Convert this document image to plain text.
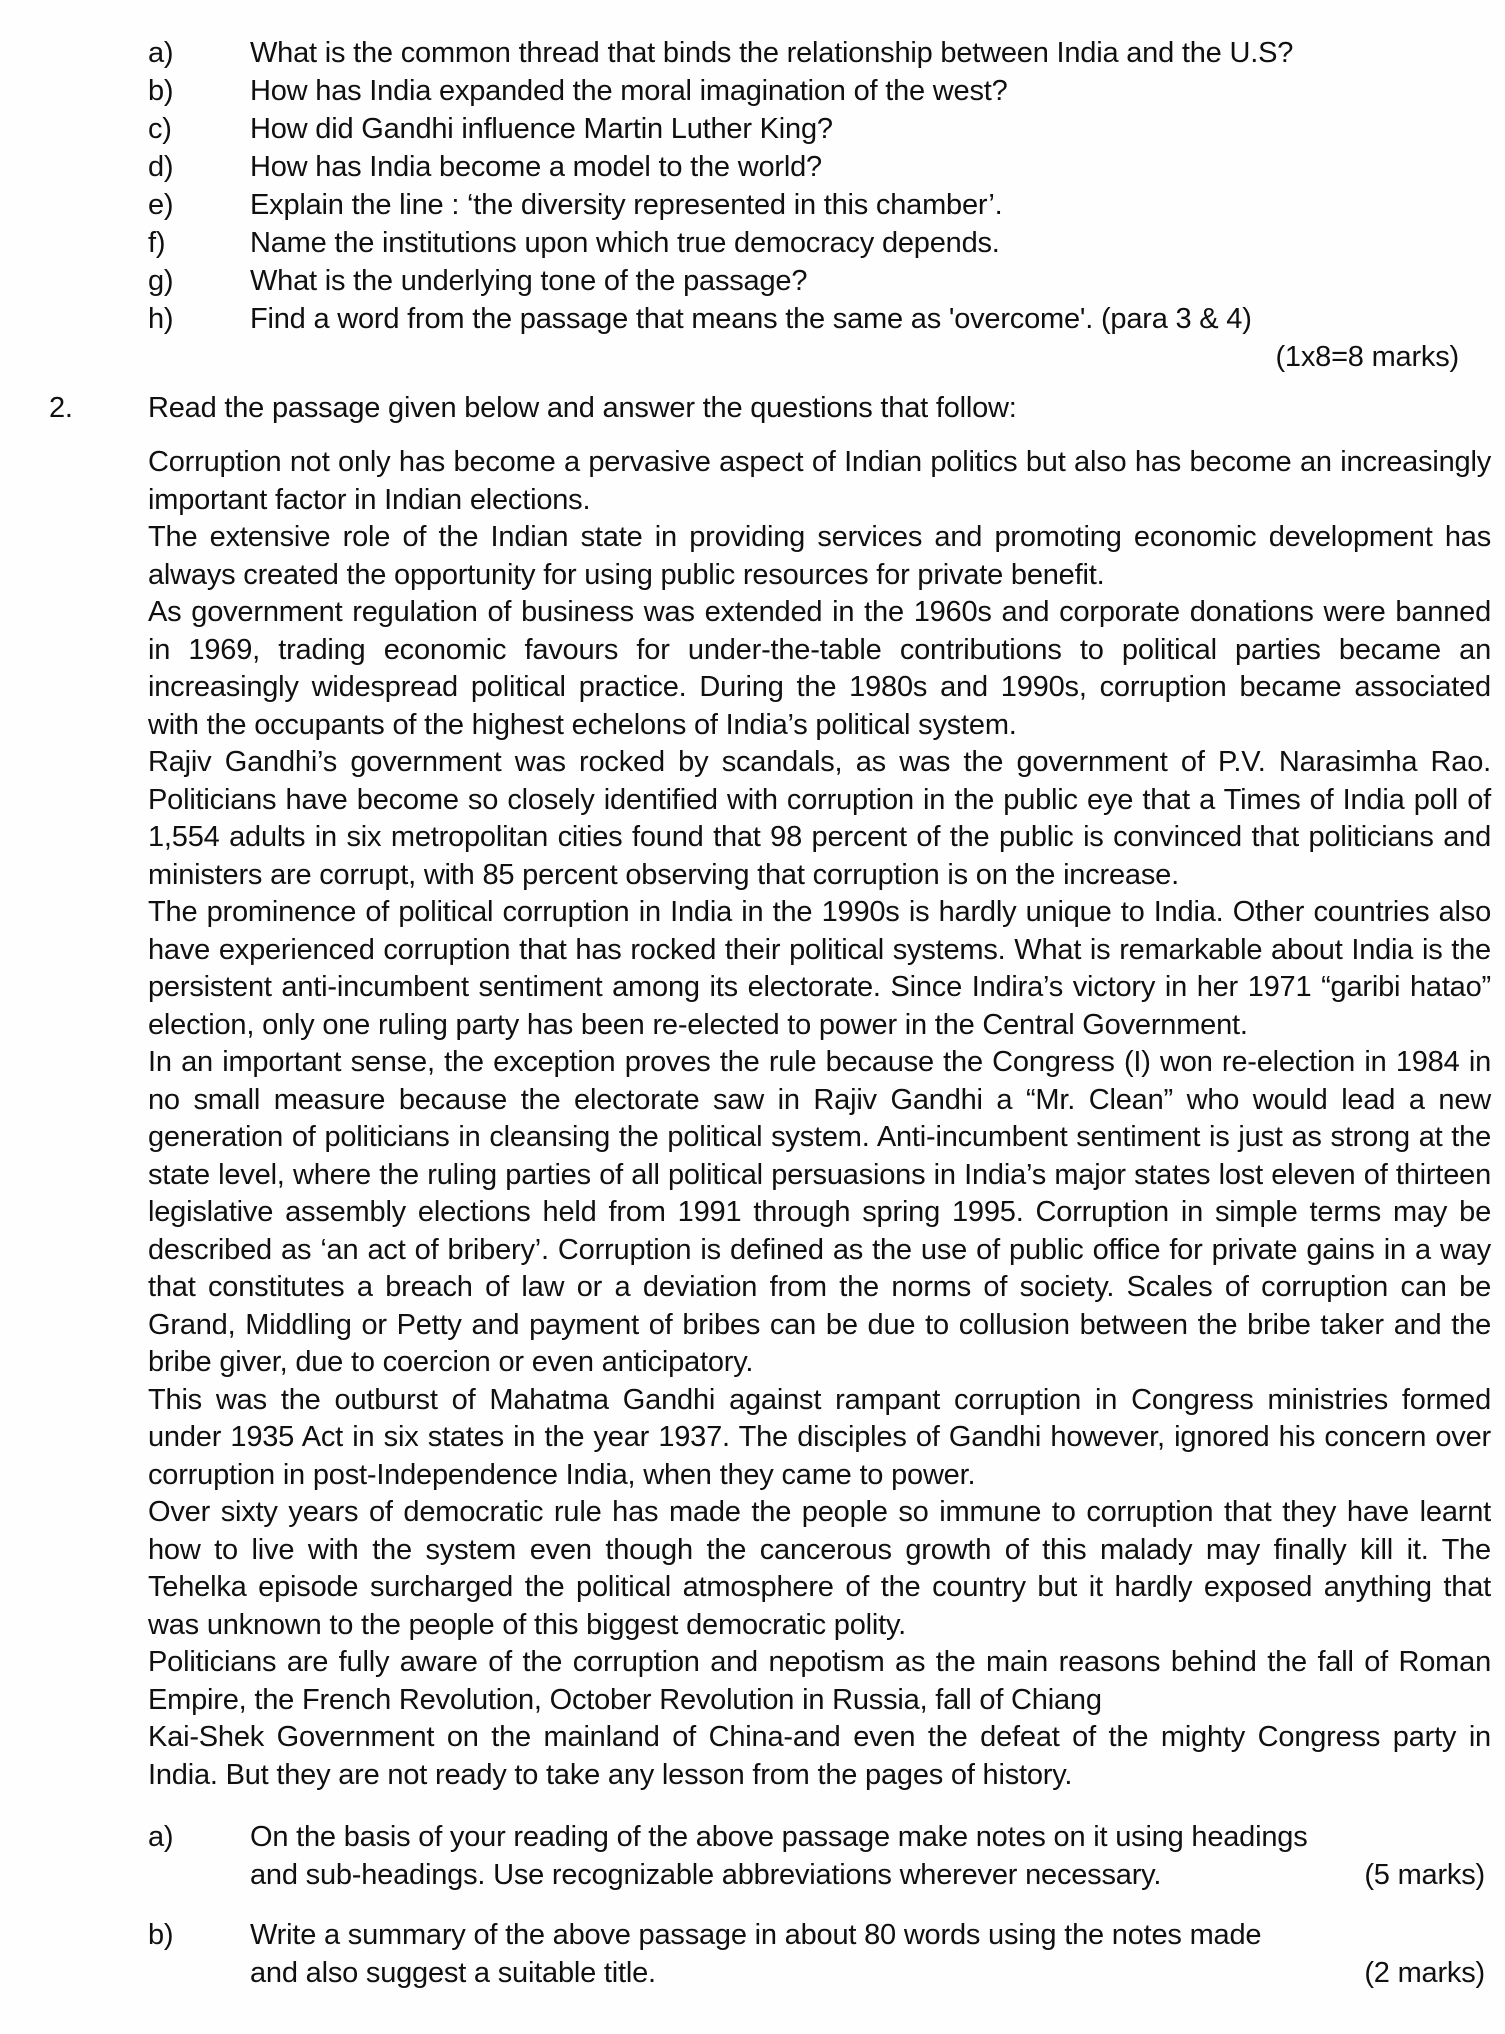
a)	What is the common thread that binds the relationship between India and the U.S?
b)	How has India expanded the moral imagination of the west?
c)	How did Gandhi influence Martin Luther King?
d)	How has India become a model to the world?
e)	Explain the line : ‘the diversity represented in this chamber’.
f)	Name the institutions upon which true democracy depends.
g)	What is the underlying tone of the passage?
h)	Find a word from the passage that means the same as 'overcome'. (para 3 & 4)
(1x8=8 marks)
2.	Read the passage given below and answer the questions that follow:

Corruption not only has become a pervasive aspect of Indian politics but also has become an increasingly important factor in Indian elections.

The extensive role of the Indian state in providing services and promoting economic development has always created the opportunity for using public resources for private benefit.

As government regulation of business was extended in the 1960s and corporate donations were banned in 1969, trading economic favours for under-the-table contributions to political parties became an increasingly widespread political practice. During the 1980s and 1990s, corruption became associated with the occupants of the highest echelons of India’s political system.

Rajiv Gandhi’s government was rocked by scandals, as was the government of P.V. Narasimha Rao. Politicians have become so closely identified with corruption in the public eye that a Times of India poll of 1,554 adults in six metropolitan cities found that 98 percent of the public is convinced that politicians and ministers are corrupt, with 85 percent observing that corruption is on the increase.

The prominence of political corruption in India in the 1990s is hardly unique to India. Other countries also have experienced corruption that has rocked their political systems. What is remarkable about India is the persistent anti-incumbent sentiment among its electorate. Since Indira’s victory in her 1971 “garibi hatao” election, only one ruling party has been re-elected to power in the Central Government.

In an important sense, the exception proves the rule because the Congress (I) won re-election in 1984 in no small measure because the electorate saw in Rajiv Gandhi a “Mr. Clean” who would lead a new generation of politicians in cleansing the political system. Anti-incumbent sentiment is just as strong at the state level, where the ruling parties of all political persuasions in India’s major states lost eleven of thirteen legislative assembly elections held from 1991 through spring 1995. Corruption in simple terms may be described as ‘an act of bribery’. Corruption is defined as the use of public office for private gains in a way that constitutes a breach of law or a deviation from the norms of society. Scales of corruption can be Grand, Middling or Petty and payment of bribes can be due to collusion between the bribe taker and the bribe giver, due to coercion or even anticipatory.

This was the outburst of Mahatma Gandhi against rampant corruption in Congress ministries formed under 1935 Act in six states in the year 1937. The disciples of Gandhi however, ignored his concern over corruption in post-Independence India, when they came to power.

Over sixty years of democratic rule has made the people so immune to corruption that they have learnt how to live with the system even though the cancerous growth of this malady may finally kill it. The Tehelka episode surcharged the political atmosphere of the country but it hardly exposed anything that was unknown to the people of this biggest democratic polity.

Politicians are fully aware of the corruption and nepotism as the main reasons behind the fall of Roman Empire, the French Revolution, October Revolution in Russia, fall of Chiang

Kai-Shek Government on the mainland of China-and even the defeat of the mighty Congress party in India. But they are not ready to take any lesson from the pages of history.

a)	On the basis of your reading of the above passage make notes on it using headings
and sub-headings. Use recognizable abbreviations wherever necessary.	(5 marks)
b)	Write a summary of the above passage in about 80 words using the notes made
and also suggest a suitable title.	(2 marks)
